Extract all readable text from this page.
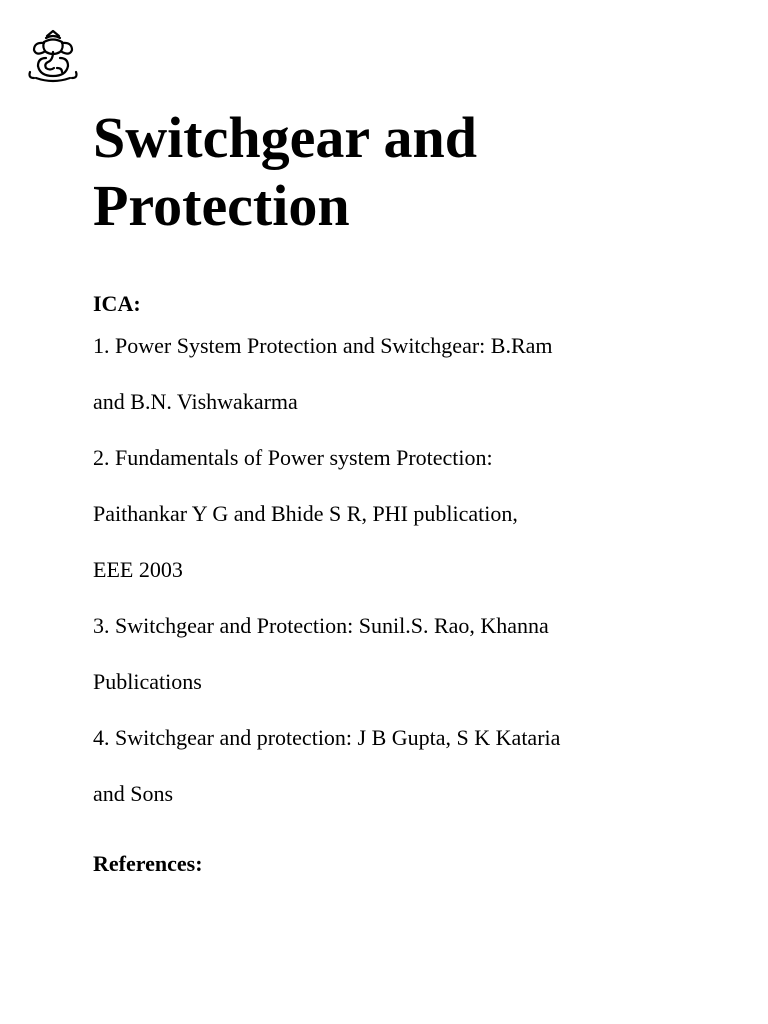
Switchgear and
Protection

ICA:

1. Power System Protection and Switchgear: B.Ram
and B.N. Vishwakarma
2. Fundamentals of Power system Protection:
Paithankar Y G and Bhide S R, PHI publication,
EEE 2003
3. Switchgear and Protection: Sunil.S. Rao, Khanna
Publications
4. Switchgear and protection: J B Gupta, S K Kataria
and Sons

References:
